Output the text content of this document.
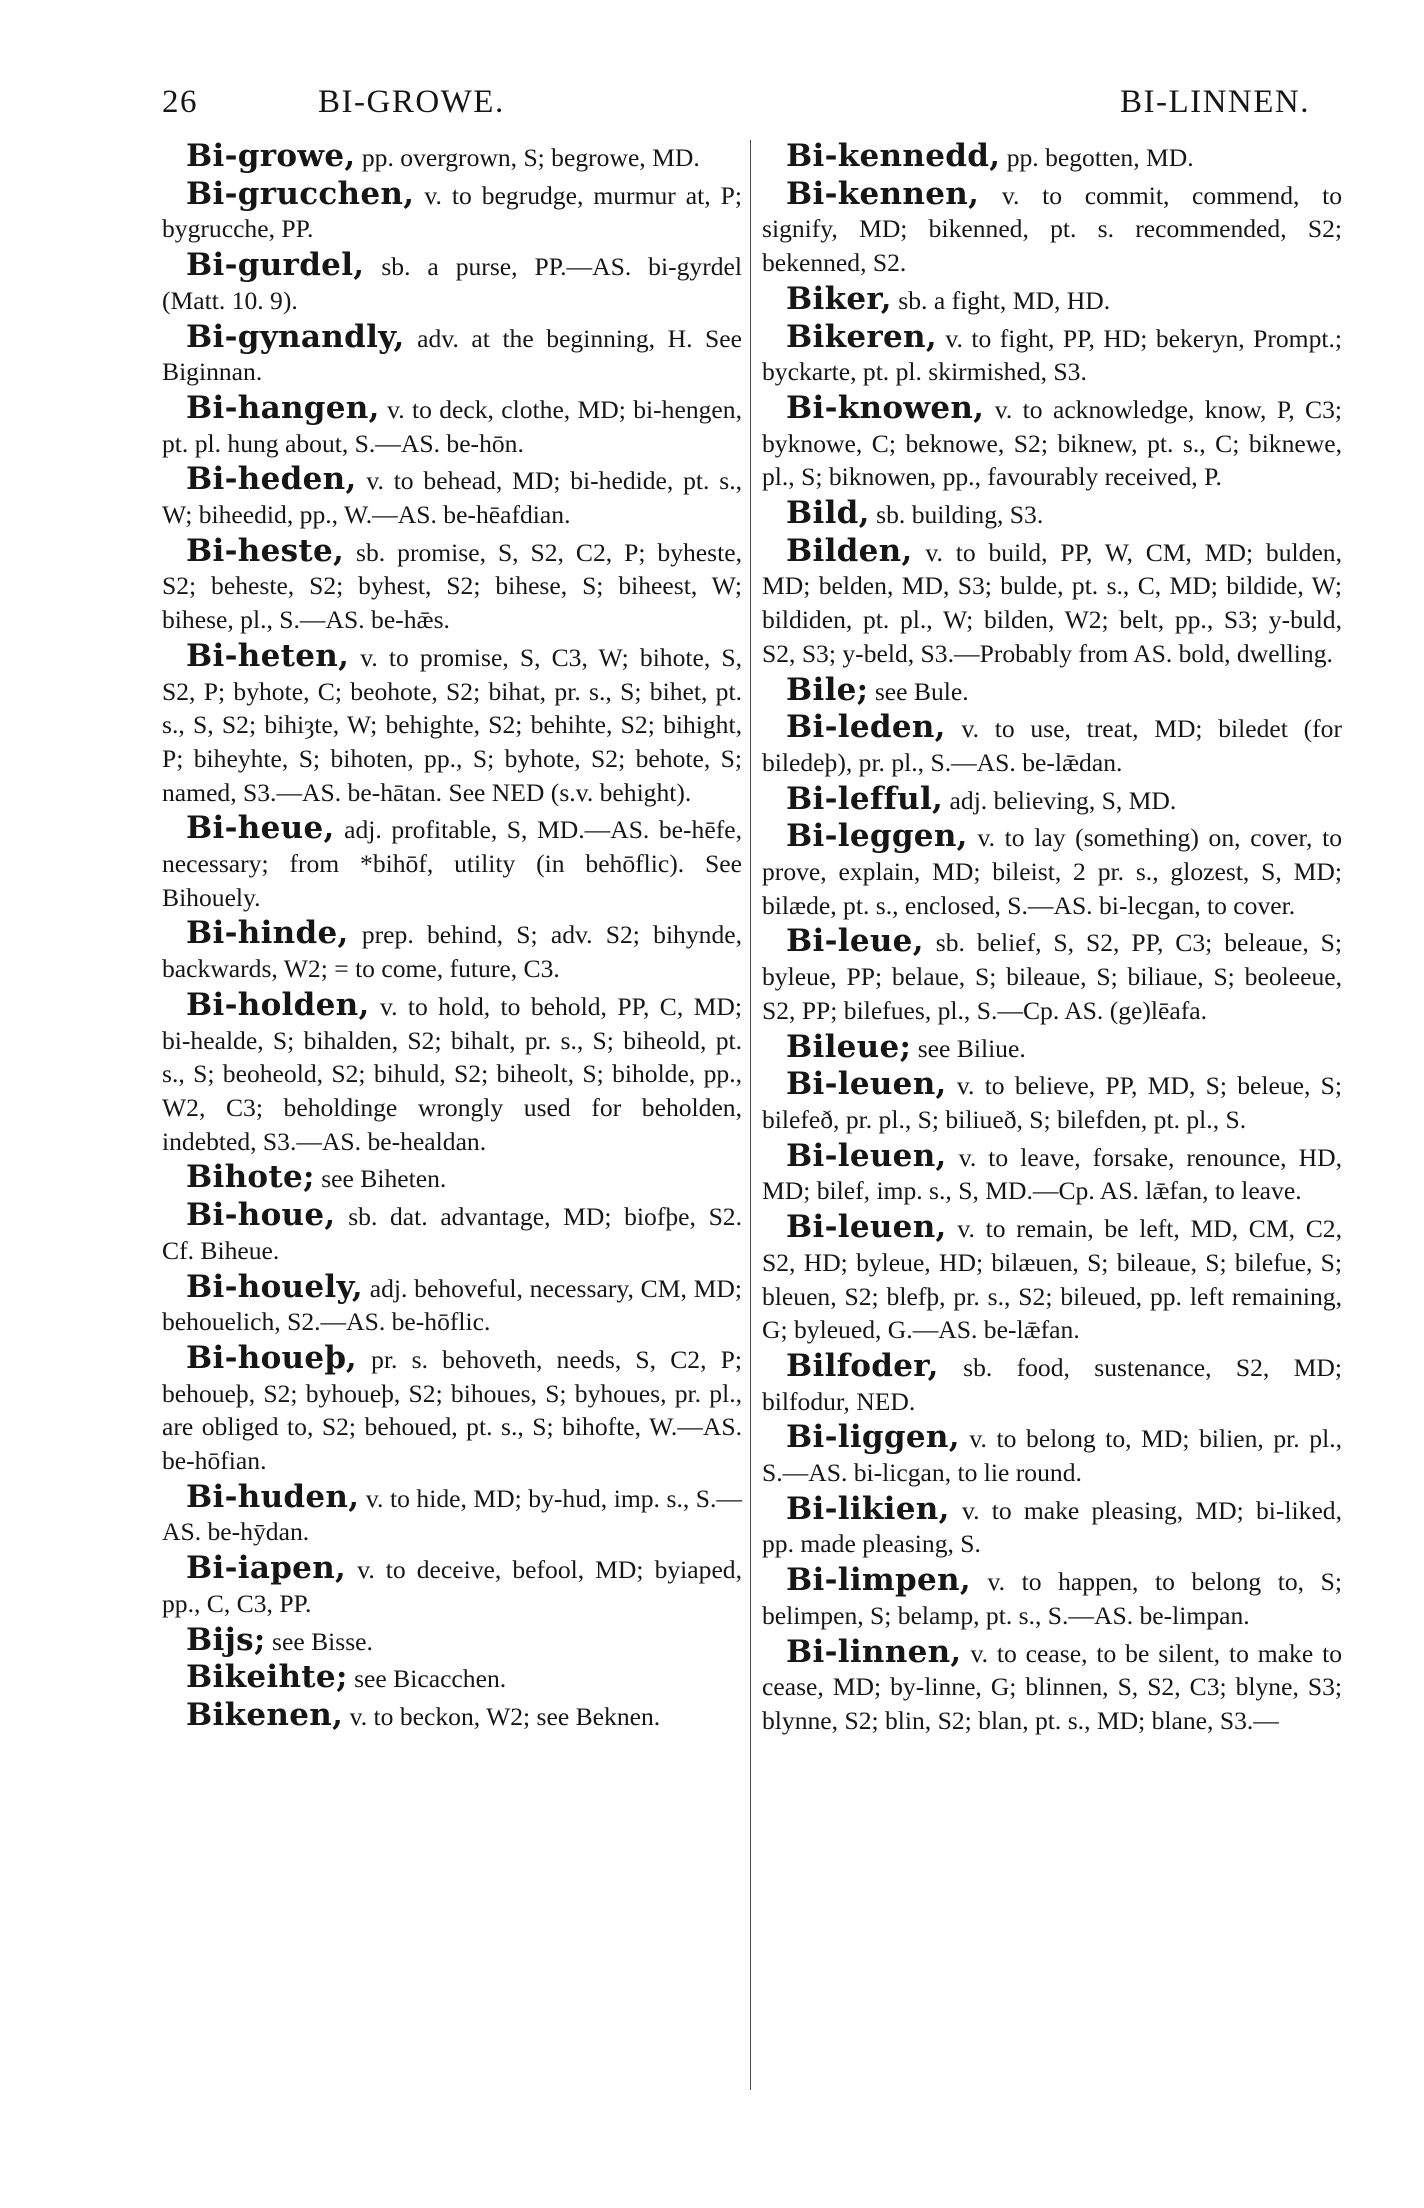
26	BI-GROWE.	BI-LINNEN.

Bi-growe, pp. overgrown, S; begrowe, MD.

Bi-grucchen, v. to begrudge, murmur at, P; bygrucche, PP.

Bi-gurdel, sb. a purse, PP.—AS. bi-gyrdel (Matt. 10. 9).

Bi-gynandly, adv. at the beginning, H. See Biginnan.

Bi-hangen, v. to deck, clothe, MD; bi-hengen, pt. pl. hung about, S.—AS. be-hōn.

Bi-heden, v. to behead, MD; bi-hedide, pt. s., W; biheedid, pp., W.—AS. be-hēafdian.

Bi-heste, sb. promise, S, S2, C2, P; byheste, S2; beheste, S2; byhest, S2; bihese, S; biheest, W; bihese, pl., S.—AS. be-hǣs.

Bi-heten, v. to promise, S, C3, W; bihote, S, S2, P; byhote, C; beohote, S2; bihat, pr. s., S; bihet, pt. s., S, S2; bihiȝte, W; behighte, S2; behihte, S2; bihight, P; biheyhte, S; bihoten, pp., S; byhote, S2; behote, S; named, S3.—AS. be-hātan. See NED (s.v. behight).

Bi-heue, adj. profitable, S, MD.—AS. be-hēfe, necessary; from *bihōf, utility (in behōflic). See Bihouely.

Bi-hinde, prep. behind, S; adv. S2; bihynde, backwards, W2; = to come, future, C3.

Bi-holden, v. to hold, to behold, PP, C, MD; bi-healde, S; bihalden, S2; bihalt, pr. s., S; biheold, pt. s., S; beoheold, S2; bihuld, S2; biheolt, S; biholde, pp., W2, C3; beholdinge wrongly used for beholden, indebted, S3.—AS. be-healdan.

Bihote; see Biheten.

Bi-houe, sb. dat. advantage, MD; biofþe, S2. Cf. Biheue.

Bi-houely, adj. behoveful, necessary, CM, MD; behouelich, S2.—AS. be-hōflic.

Bi-houeþ, pr. s. behoveth, needs, S, C2, P; behoueþ, S2; byhoueþ, S2; bihoues, S; byhoues, pr. pl., are obliged to, S2; behoued, pt. s., S; bihofte, W.—AS. be-hōfian.

Bi-huden, v. to hide, MD; by-hud, imp. s., S.—AS. be-hȳdan.

Bi-iapen, v. to deceive, befool, MD; byiaped, pp., C, C3, PP.

Bijs; see Bisse.

Bikeihte; see Bicacchen.

Bikenen, v. to beckon, W2; see Beknen.

Bi-kennedd, pp. begotten, MD.

Bi-kennen, v. to commit, commend, to signify, MD; bikenned, pt. s. recommended, S2; bekenned, S2.

Biker, sb. a fight, MD, HD.

Bikeren, v. to fight, PP, HD; bekeryn, Prompt.; byckarte, pt. pl. skirmished, S3.

Bi-knowen, v. to acknowledge, know, P, C3; byknowe, C; beknowe, S2; biknew, pt. s., C; biknewe, pl., S; biknowen, pp., favourably received, P.

Bild, sb. building, S3.

Bilden, v. to build, PP, W, CM, MD; bulden, MD; belden, MD, S3; bulde, pt. s., C, MD; bildide, W; bildiden, pt. pl., W; bilden, W2; belt, pp., S3; y-buld, S2, S3; y-beld, S3.—Probably from AS. bold, dwelling.

Bile; see Bule.

Bi-leden, v. to use, treat, MD; biledet (for biledeþ), pr. pl., S.—AS. be-lǣdan.

Bi-lefful, adj. believing, S, MD.

Bi-leggen, v. to lay (something) on, cover, to prove, explain, MD; bileist, 2 pr. s., glozest, S, MD; bilæde, pt. s., enclosed, S.—AS. bi-lecgan, to cover.

Bi-leue, sb. belief, S, S2, PP, C3; beleaue, S; byleue, PP; belaue, S; bileaue, S; biliaue, S; beoleeue, S2, PP; bilefues, pl., S.—Cp. AS. (ge)lēafa.

Bileue; see Biliue.

Bi-leuen, v. to believe, PP, MD, S; beleue, S; bilefeð, pr. pl., S; biliueð, S; bilefden, pt. pl., S.

Bi-leuen, v. to leave, forsake, renounce, HD, MD; bilef, imp. s., S, MD.—Cp. AS. lǣfan, to leave.

Bi-leuen, v. to remain, be left, MD, CM, C2, S2, HD; byleue, HD; bilæuen, S; bileaue, S; bilefue, S; bleuen, S2; blefþ, pr. s., S2; bileued, pp. left remaining, G; byleued, G.—AS. be-lǣfan.

Bilfoder, sb. food, sustenance, S2, MD; bilfodur, NED.

Bi-liggen, v. to belong to, MD; bilien, pr. pl., S.—AS. bi-licgan, to lie round.

Bi-likien, v. to make pleasing, MD; bi-liked, pp. made pleasing, S.

Bi-limpen, v. to happen, to belong to, S; belimpen, S; belamp, pt. s., S.—AS. be-limpan.

Bi-linnen, v. to cease, to be silent, to make to cease, MD; by-linne, G; blinnen, S, S2, C3; blyne, S3; blynne, S2; blin, S2; blan, pt. s., MD; blane, S3.—
